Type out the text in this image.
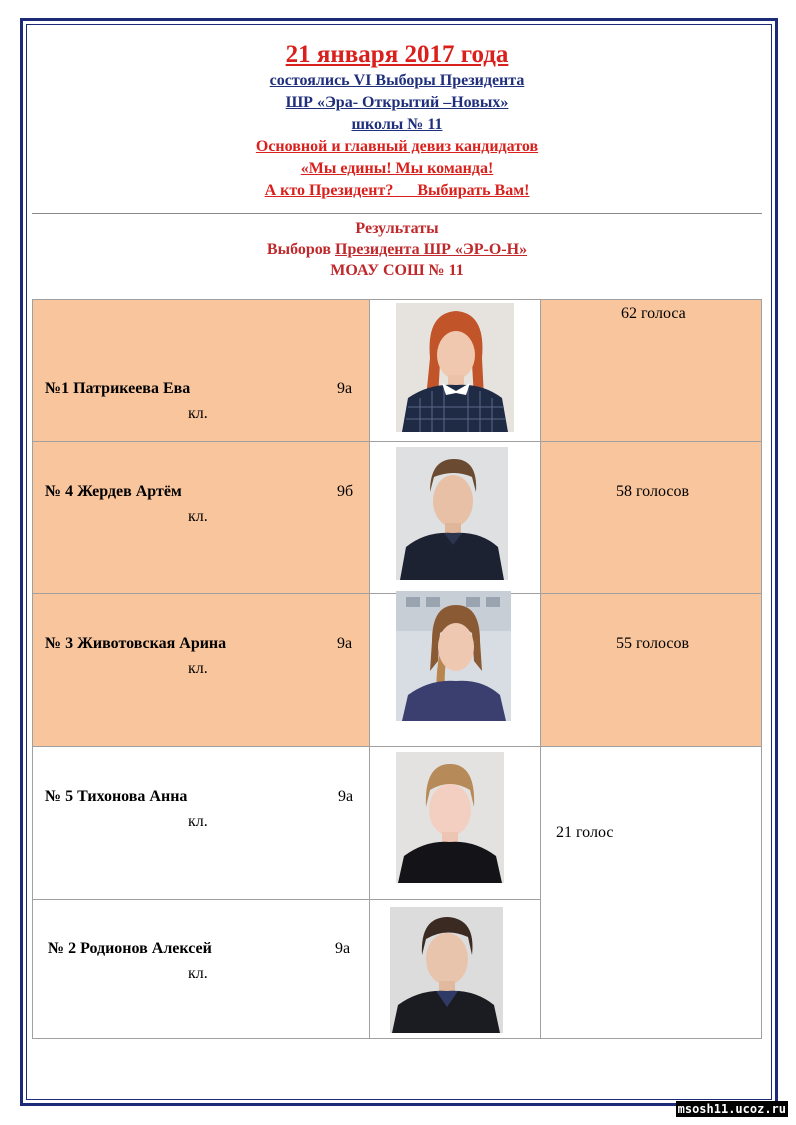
21 января 2017 года
состоялись VI Выборы Президента
ШР «Эра- Открытий –Новых»
школы № 11
Основной и главный девиз кандидатов
«Мы едины! Мы команда!
А кто Президент?      Выбирать Вам!
Результаты
Выборов Президента ШР «ЭР-О-Н»
МОАУ СОШ № 11
№1 Патрикеева Ева	9а
кл.
62 голоса
№ 4 Жердев Артём	9б
кл.
58 голосов
№ 3 Животовская Арина	9а
кл.
55 голосов
№ 5 Тихонова Анна	9а
кл.
21 голос
№ 2 Родионов Алексей	9а
кл.
msosh11.ucoz.ru
